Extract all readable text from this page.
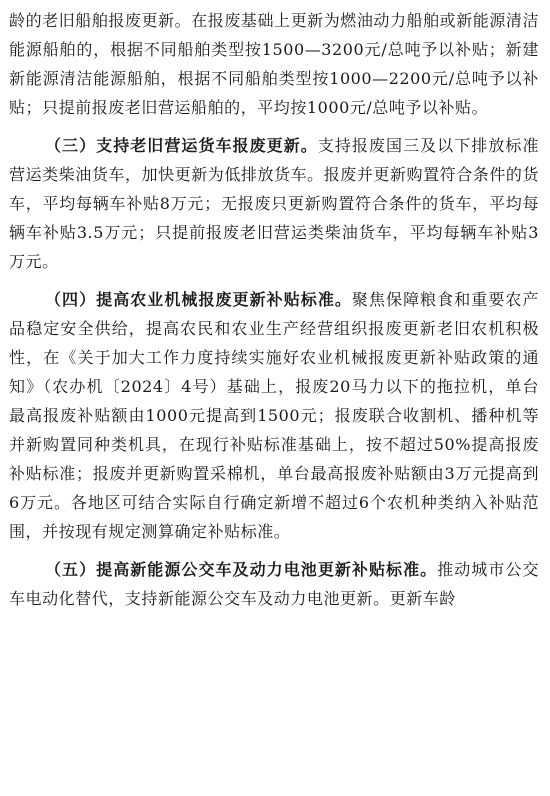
龄的老旧船舶报废更新。在报废基础上更新为燃油动力船舶或新能源清洁能源船舶的，根据不同船舶类型按1500—3200元/总吨予以补贴；新建新能源清洁能源船舶，根据不同船舶类型按1000—2200元/总吨予以补贴；只提前报废老旧营运船舶的，平均按1000元/总吨予以补贴。

（三）支持老旧营运货车报废更新。支持报废国三及以下排放标准营运类柴油货车，加快更新为低排放货车。报废并更新购置符合条件的货车，平均每辆车补贴8万元；无报废只更新购置符合条件的货车，平均每辆车补贴3.5万元；只提前报废老旧营运类柴油货车，平均每辆车补贴3万元。

（四）提高农业机械报废更新补贴标准。聚焦保障粮食和重要农产品稳定安全供给，提高农民和农业生产经营组织报废更新老旧农机积极性，在《关于加大工作力度持续实施好农业机械报废更新补贴政策的通知》（农办机〔2024〕4号）基础上，报废20马力以下的拖拉机，单台最高报废补贴额由1000元提高到1500元；报废联合收割机、播种机等并新购置同种类机具，在现行补贴标准基础上，按不超过50%提高报废补贴标准；报废并更新购置采棉机，单台最高报废补贴额由3万元提高到6万元。各地区可结合实际自行确定新增不超过6个农机种类纳入补贴范围，并按现有规定测算确定补贴标准。

（五）提高新能源公交车及动力电池更新补贴标准。推动城市公交车电动化替代，支持新能源公交车及动力电池更新。更新车龄
